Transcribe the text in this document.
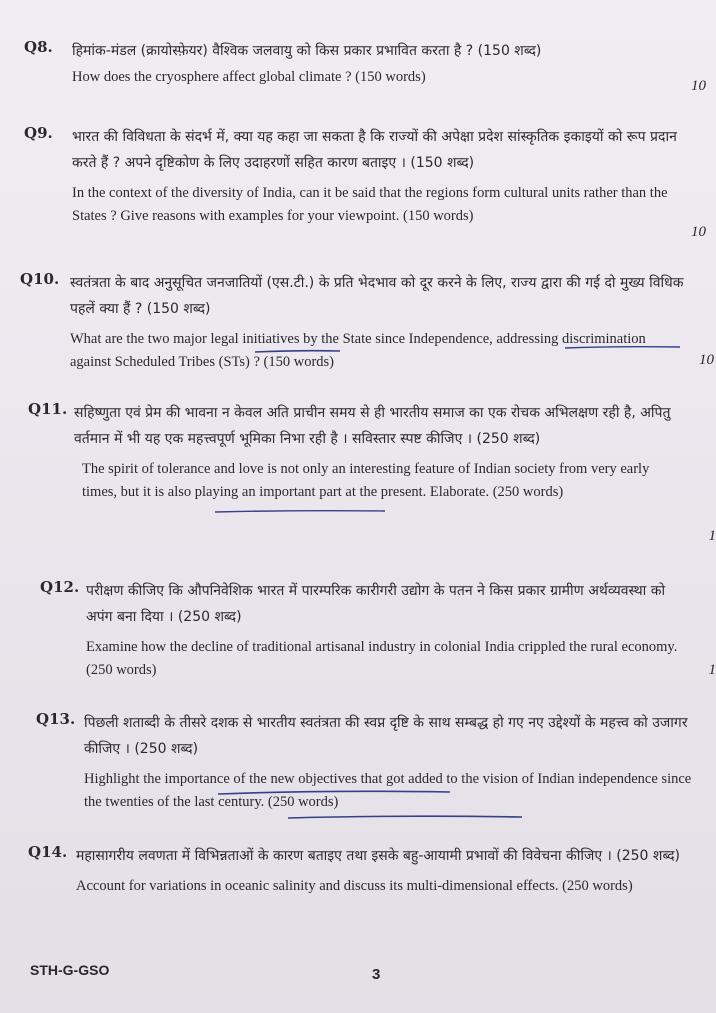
Q8. हिमांक-मंडल (क्रायोस्फ़ेयर) वैश्विक जलवायु को किस प्रकार प्रभावित करता है ? (150 शब्द)
How does the cryosphere affect global climate ? (150 words)
10
Q9. भारत की विविधता के संदर्भ में, क्या यह कहा जा सकता है कि राज्यों की अपेक्षा प्रदेश सांस्कृतिक इकाइयों को रूप प्रदान करते हैं ? अपने दृष्टिकोण के लिए उदाहरणों सहित कारण बताइए । (150 शब्द)
In the context of the diversity of India, can it be said that the regions form cultural units rather than the States ? Give reasons with examples for your viewpoint. (150 words)
10
Q10. स्वतंत्रता के बाद अनुसूचित जनजातियों (एस.टी.) के प्रति भेदभाव को दूर करने के लिए, राज्य द्वारा की गई दो मुख्य विधिक पहलें क्या हैं ? (150 शब्द)
What are the two major legal initiatives by the State since Independence, addressing discrimination against Scheduled Tribes (STs) ? (150 words)	10
Q11. सहिष्णुता एवं प्रेम की भावना न केवल अति प्राचीन समय से ही भारतीय समाज का एक रोचक अभिलक्षण रही है, अपितु वर्तमान में भी यह एक महत्त्वपूर्ण भूमिका निभा रही है । सविस्तार स्पष्ट कीजिए । (250 शब्द)
The spirit of tolerance and love is not only an interesting feature of Indian society from very early times, but it is also playing an important part at the present. Elaborate. (250 words)
1
Q12. परीक्षण कीजिए कि औपनिवेशिक भारत में पारम्परिक कारीगरी उद्योग के पतन ने किस प्रकार ग्रामीण अर्थव्यवस्था को अपंग बना दिया । (250 शब्द)
Examine how the decline of traditional artisanal industry in colonial India crippled the rural economy. (250 words)	1
Q13. पिछली शताब्दी के तीसरे दशक से भारतीय स्वतंत्रता की स्वप्न दृष्टि के साथ सम्बद्ध हो गए नए उद्देश्यों के महत्त्व को उजागर कीजिए । (250 शब्द)
Highlight the importance of the new objectives that got added to the vision of Indian independence since the twenties of the last century. (250 words)
Q14. महासागरीय लवणता में विभिन्नताओं के कारण बताइए तथा इसके बहु-आयामी प्रभावों की विवेचना कीजिए । (250 शब्द)
Account for variations in oceanic salinity and discuss its multi-dimensional effects. (250 words)
STH-G-GSO	3
